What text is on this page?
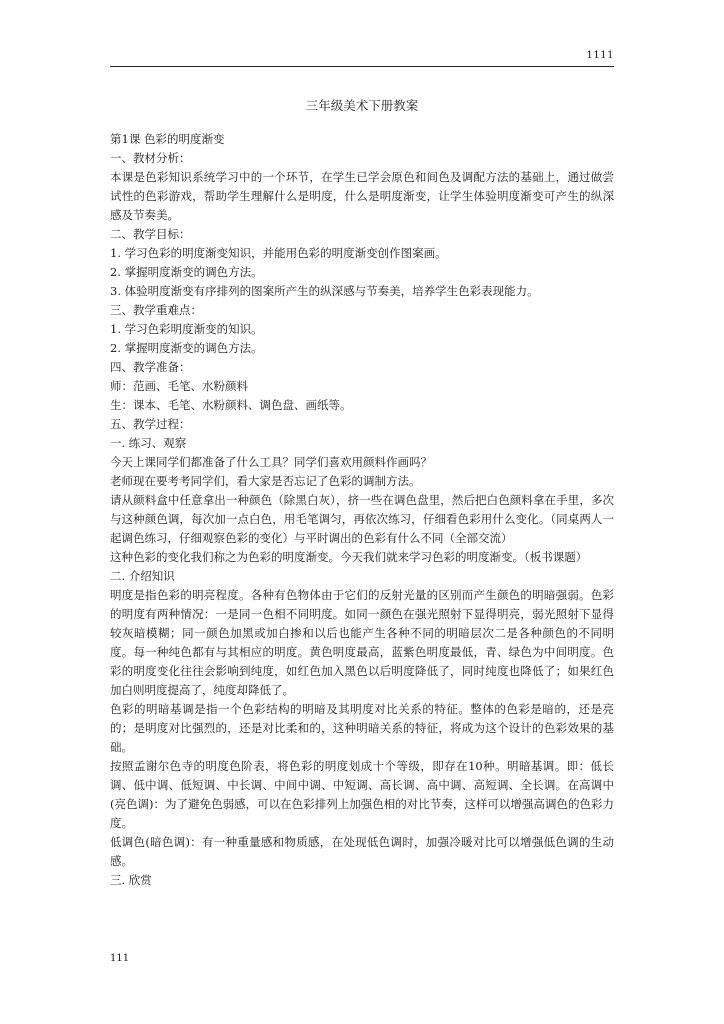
1111
三年级美术下册教案

第1课 色彩的明度渐变

一、教材分析：

本课是色彩知识系统学习中的一个环节，在学生已学会原色和间色及调配方法的基础上，通过做尝试性的色彩游戏，帮助学生理解什么是明度，什么是明度渐变，让学生体验明度渐变可产生的纵深感及节奏美。

二、教学目标：

1. 学习色彩的明度渐变知识，并能用色彩的明度渐变创作图案画。

2. 掌握明度渐变的调色方法。

3. 体验明度渐变有序排列的图案所产生的纵深感与节奏美，培养学生色彩表现能力。

三、教学重难点：

1. 学习色彩明度渐变的知识。

2. 掌握明度渐变的调色方法。

四、教学准备：

师：范画、毛笔、水粉颜料

生：课本、毛笔、水粉颜料、调色盘、画纸等。

五、教学过程：

一. 练习、观察

今天上课同学们都准备了什么工具？同学们喜欢用颜料作画吗？

老师现在要考考同学们，看大家是否忘记了色彩的调制方法。

请从颜料盒中任意拿出一种颜色（除黑白灰），挤一些在调色盘里，然后把白色颜料拿在手里，多次与这种颜色调，每次加一点白色，用毛笔调匀，再依次练习，仔细看色彩用什么变化。（同桌两人一起调色练习，仔细观察色彩的变化）与平时调出的色彩有什么不同（全部交流）

这种色彩的变化我们称之为色彩的明度渐变。今天我们就来学习色彩的明度渐变。（板书课题）

二. 介绍知识

明度是指色彩的明亮程度。各种有色物体由于它们的反射光量的区别而产生颜色的明暗强弱。色彩的明度有两种情况：一是同一色相不同明度。如同一颜色在强光照射下显得明亮，弱光照射下显得较灰暗模糊；同一颜色加黑或加白掺和以后也能产生各种不同的明暗层次二是各种颜色的不同明度。每一种纯色都有与其相应的明度。黄色明度最高，蓝紫色明度最低，青、绿色为中间明度。色彩的明度变化往往会影响到纯度，如红色加入黑色以后明度降低了，同时纯度也降低了；如果红色加白则明度提高了，纯度却降低了。

色彩的明暗基调是指一个色彩结构的明暗及其明度对比关系的特征。整体的色彩是暗的，还是亮的；是明度对比强烈的，还是对比柔和的，这种明暗关系的特征，将成为这个设计的色彩效果的基础。

按照孟谢尔色寺的明度色阶表，将色彩的明度划成十个等级，即存在10种。明暗基调。即：低长调、低中调、低短调、中长调、中间中调、中短调、高长调、高中调、高短调、全长调。在高调中(亮色调)：为了避免色弱感，可以在色彩排列上加强色相的对比节奏，这样可以增强高调色的色彩力度。

低调色(暗色调)：有一种重量感和物质感，在处现低色调时，加强冷暖对比可以增强低色调的生动感。

三. 欣赏

111
